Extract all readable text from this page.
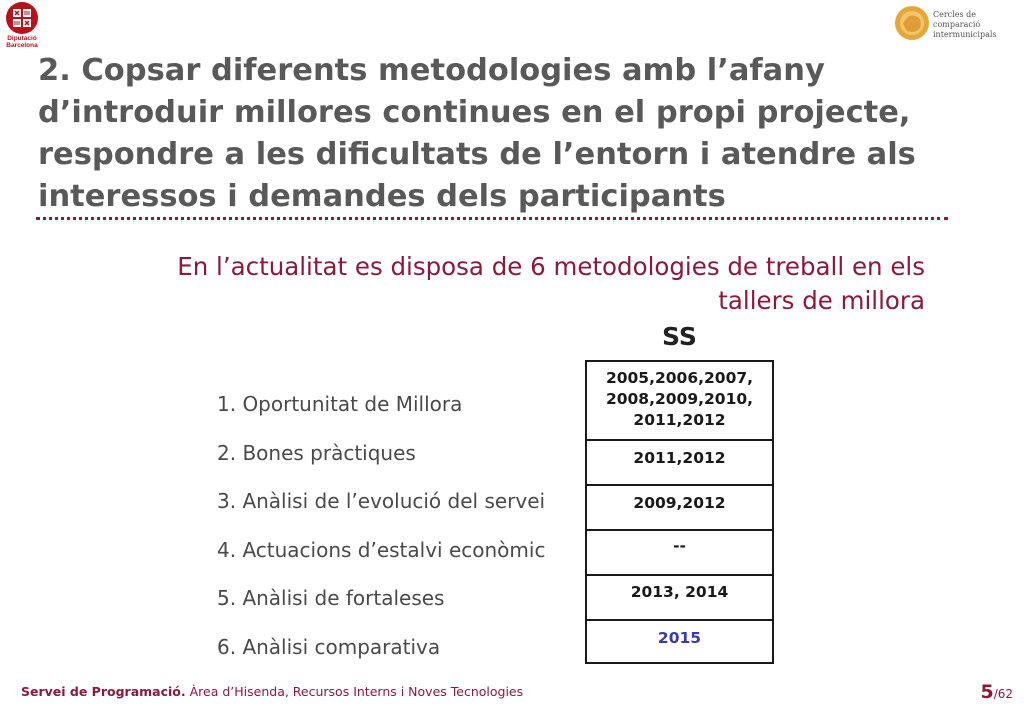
Diputació Barcelona
Cercles de comparació intermunicipals
2. Copsar diferents metodologies amb l’afany d’introduir millores continues en el propi projecte, respondre a les dificultats de l’entorn i atendre als interessos i demandes dels participants
En l’actualitat es disposa de 6 metodologies de treball en els
tallers de millora
SS
1. Oportunitat de Millora
2. Bones pràctiques
3. Anàlisi de l’evolució del servei
4. Actuacions d’estalvi econòmic
5. Anàlisi de fortaleses
6. Anàlisi comparativa
2005,2006,2007, 2008,2009,2010, 2011,2012
2011,2012
2009,2012
--
2013, 2014
2015
Servei de Programació. Àrea d’Hisenda, Recursos Interns i Noves Tecnologies	5/62
